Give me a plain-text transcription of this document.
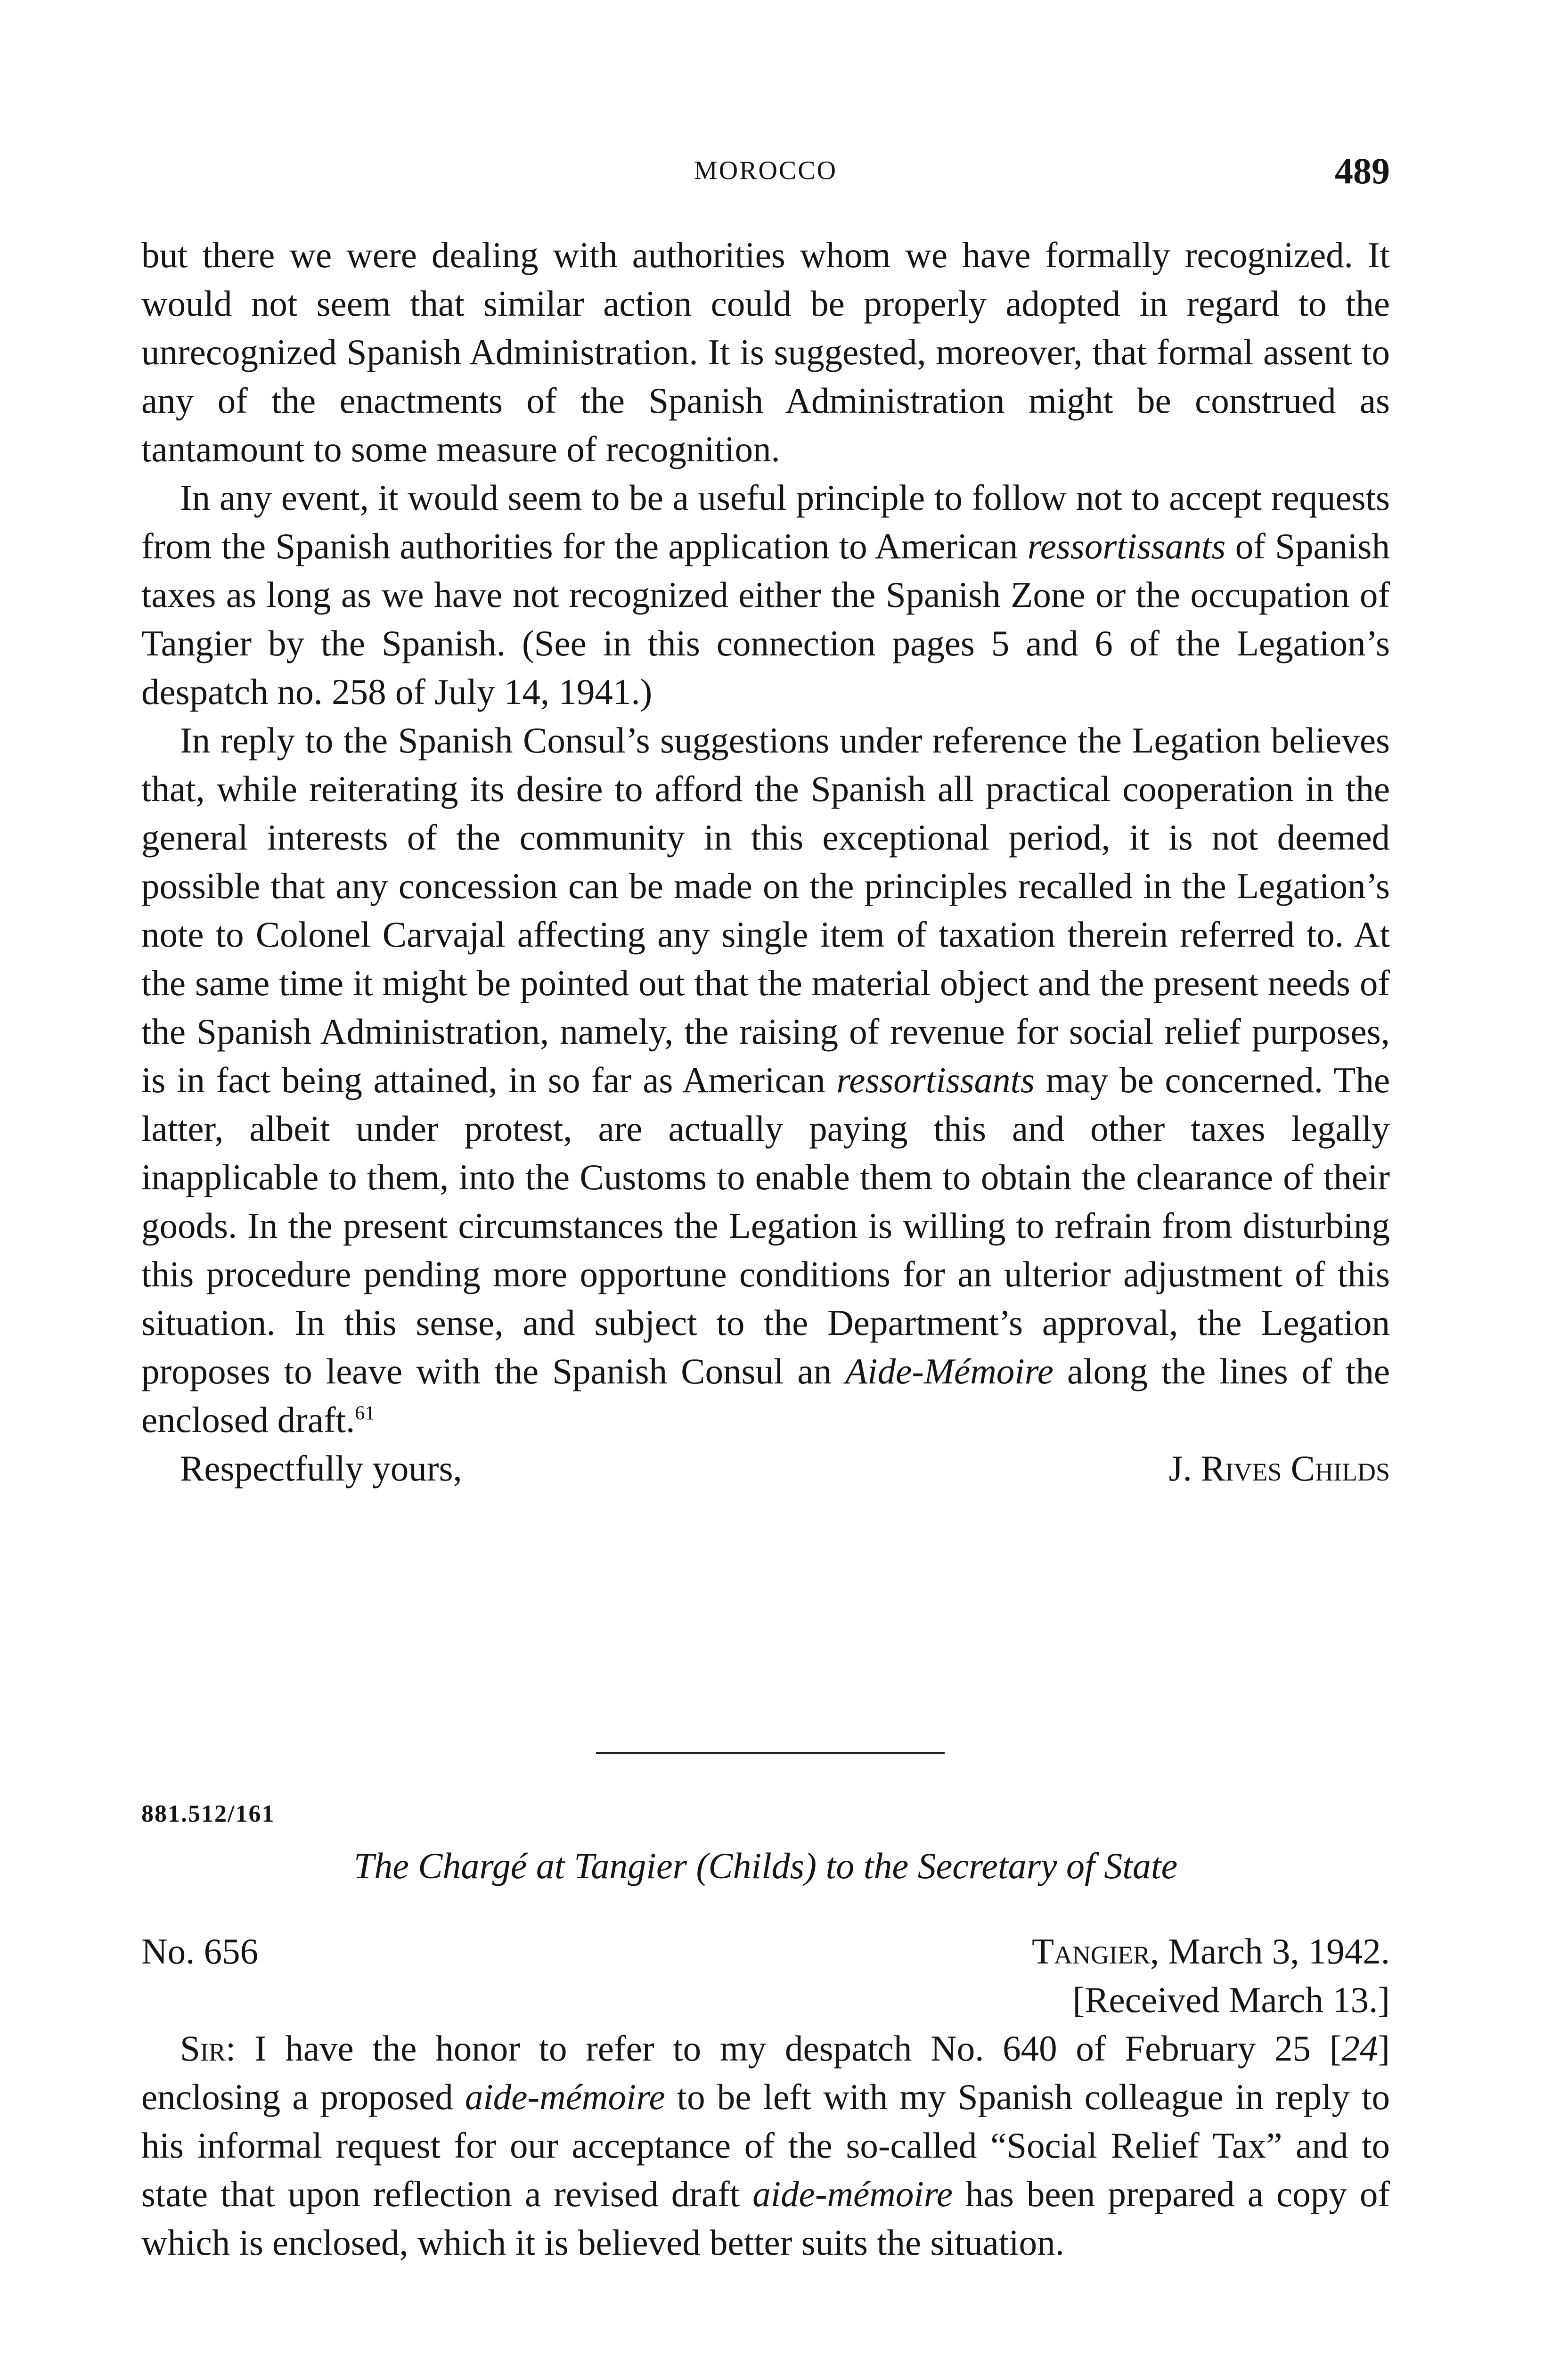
MOROCCO	489

but there we were dealing with authorities whom we have formally recognized. It would not seem that similar action could be properly adopted in regard to the unrecognized Spanish Administration. It is suggested, moreover, that formal assent to any of the enactments of the Spanish Administration might be construed as tantamount to some measure of recognition.

In any event, it would seem to be a useful principle to follow not to accept requests from the Spanish authorities for the application to American ressortissants of Spanish taxes as long as we have not recognized either the Spanish Zone or the occupation of Tangier by the Spanish. (See in this connection pages 5 and 6 of the Legation’s despatch no. 258 of July 14, 1941.)

In reply to the Spanish Consul’s suggestions under reference the Legation believes that, while reiterating its desire to afford the Spanish all practical cooperation in the general interests of the community in this exceptional period, it is not deemed possible that any concession can be made on the principles recalled in the Legation’s note to Colonel Carvajal affecting any single item of taxation therein referred to. At the same time it might be pointed out that the material object and the present needs of the Spanish Administration, namely, the raising of revenue for social relief purposes, is in fact being attained, in so far as American ressortissants may be concerned. The latter, albeit under protest, are actually paying this and other taxes legally inapplicable to them, into the Customs to enable them to obtain the clearance of their goods. In the present circumstances the Legation is willing to refrain from disturbing this procedure pending more opportune conditions for an ulterior adjustment of this situation. In this sense, and subject to the Department’s approval, the Legation proposes to leave with the Spanish Consul an Aide-Mémoire along the lines of the enclosed draft.$^{61}$

Respectfully yours,	J. Rives Childs

881.512/161
The Chargé at Tangier (Childs) to the Secretary of State
No. 656	Tangier, March 3, 1942.
[Received March 13.]

Sir: I have the honor to refer to my despatch No. 640 of February 25 [24] enclosing a proposed aide-mémoire to be left with my Spanish colleague in reply to his informal request for our acceptance of the so-called “Social Relief Tax” and to state that upon reflection a revised draft aide-mémoire has been prepared a copy of which is enclosed, which it is believed better suits the situation.
